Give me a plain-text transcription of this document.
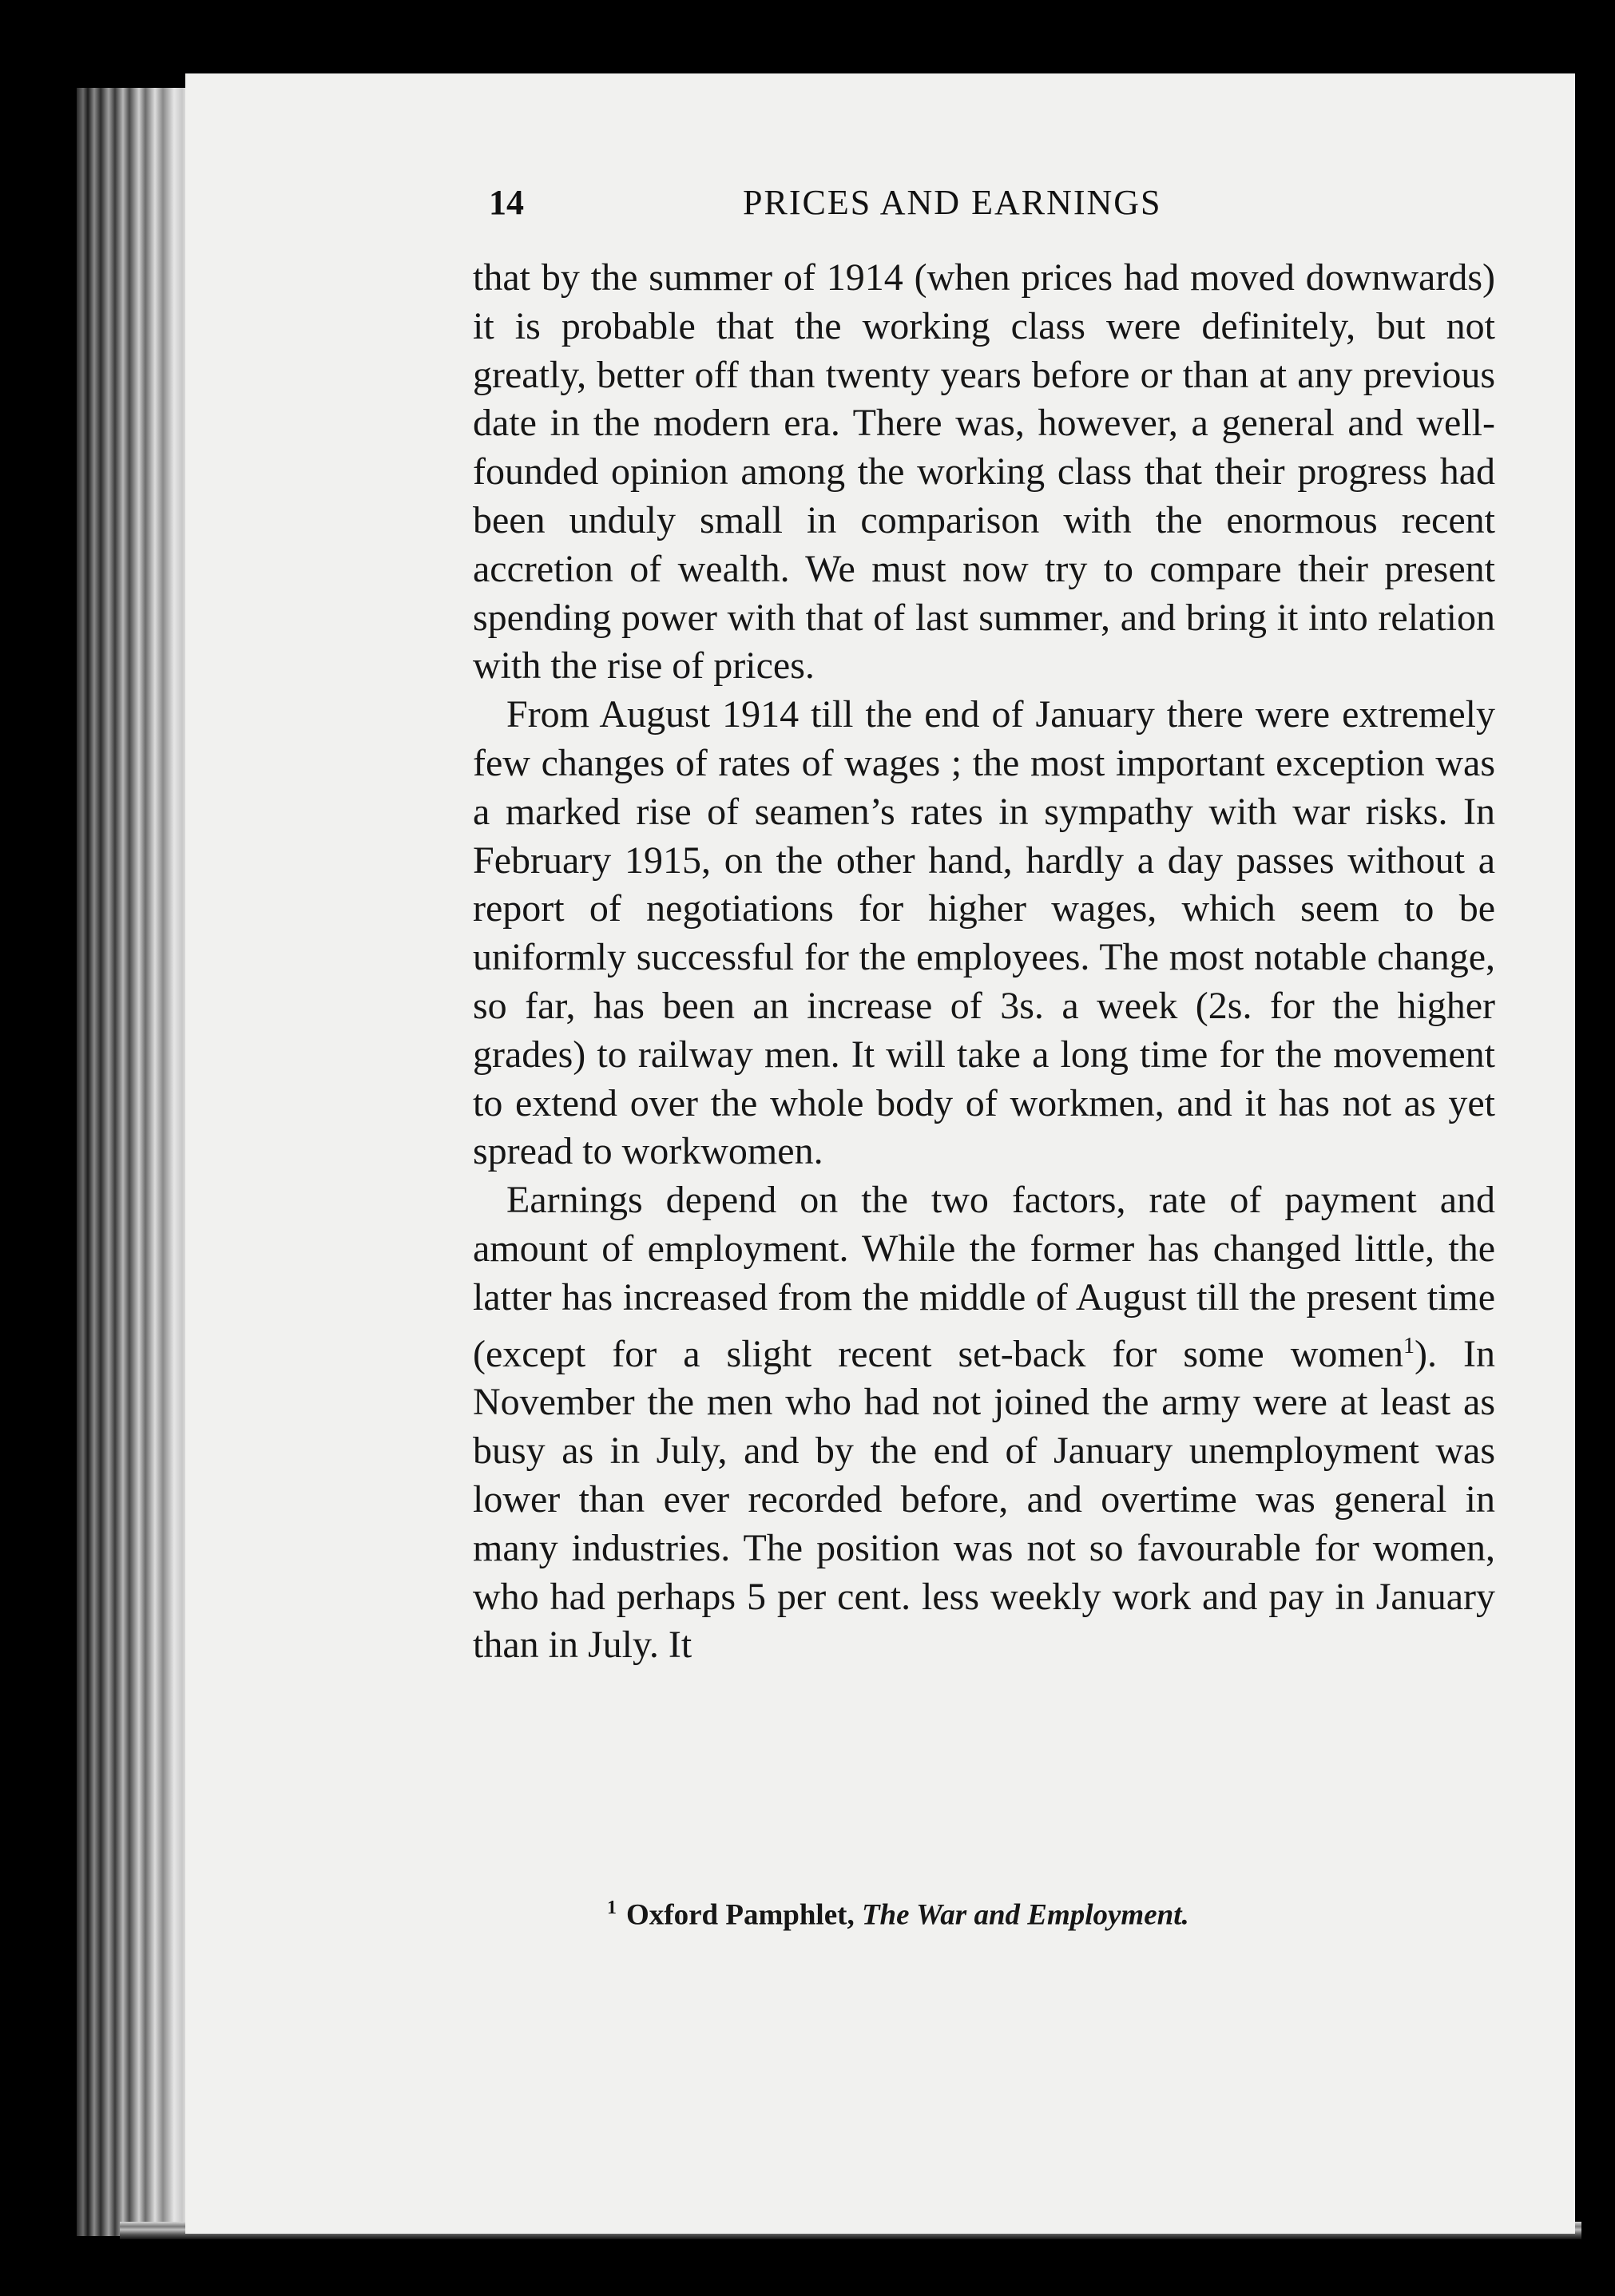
14	PRICES AND EARNINGS

that by the summer of 1914 (when prices had moved downwards) it is probable that the working class were definitely, but not greatly, better off than twenty years before or than at any previous date in the modern era. There was, however, a general and well-founded opinion among the working class that their progress had been unduly small in comparison with the enormous recent accretion of wealth. We must now try to compare their present spending power with that of last summer, and bring it into relation with the rise of prices.

From August 1914 till the end of January there were extremely few changes of rates of wages ; the most important exception was a marked rise of seamen’s rates in sympathy with war risks. In February 1915, on the other hand, hardly a day passes without a report of negotiations for higher wages, which seem to be uniformly successful for the employees. The most notable change, so far, has been an increase of 3s. a week (2s. for the higher grades) to railway men. It will take a long time for the movement to extend over the whole body of workmen, and it has not as yet spread to workwomen.

Earnings depend on the two factors, rate of payment and amount of employment. While the former has changed little, the latter has increased from the middle of August till the present time (except for a slight recent set-back for some women$^1$). In November the men who had not joined the army were at least as busy as in July, and by the end of January unemployment was lower than ever recorded before, and overtime was general in many industries. The position was not so favourable for women, who had perhaps 5 per cent. less weekly work and pay in January than in July. It

$^1$ Oxford Pamphlet, The War and Employment.
